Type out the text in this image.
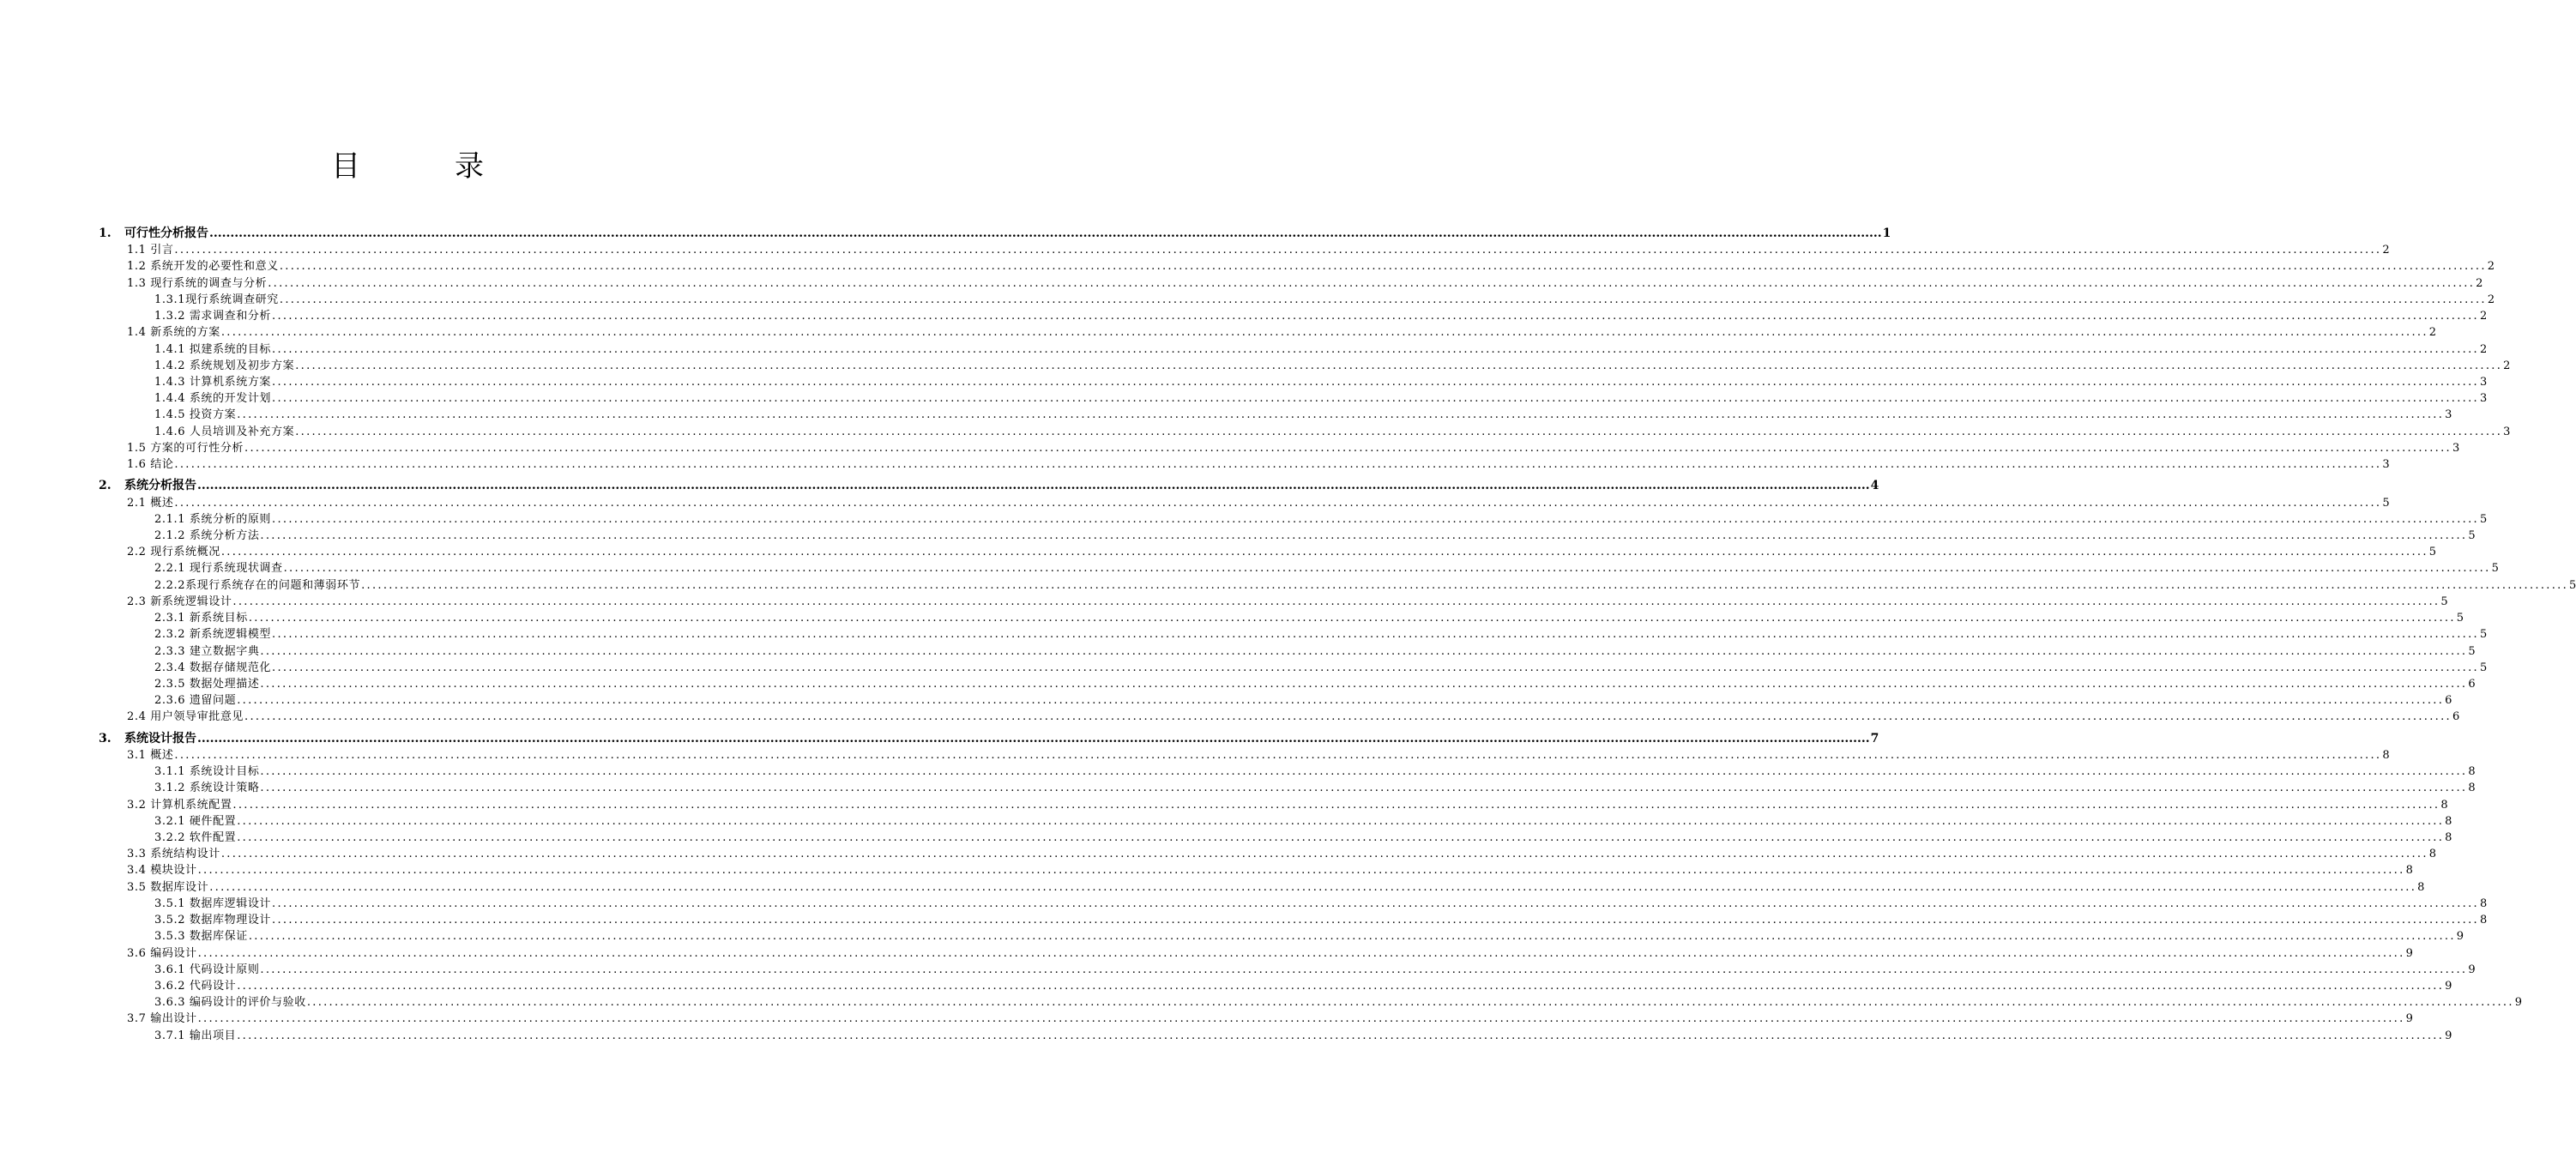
目　录
1. 可行性分析报告 ................................................................................................................................................................................................................................................................................................................................................................................................................ 1
1.1 引言 ................................................................................................................................................................................................................................................................................................................................................................................................................ 2
1.2 系统开发的必要性和意义 ................................................................................................................................................................................................................................................................................................................................................................................................................ 2
1.3 现行系统的调查与分析 ................................................................................................................................................................................................................................................................................................................................................................................................................ 2
1.3.1现行系统调查研究 ................................................................................................................................................................................................................................................................................................................................................................................................................ 2
1.3.2 需求调查和分析 ................................................................................................................................................................................................................................................................................................................................................................................................................ 2
1.4 新系统的方案 ................................................................................................................................................................................................................................................................................................................................................................................................................ 2
1.4.1 拟建系统的目标 ................................................................................................................................................................................................................................................................................................................................................................................................................ 2
1.4.2 系统规划及初步方案 ................................................................................................................................................................................................................................................................................................................................................................................................................ 2
1.4.3 计算机系统方案 ................................................................................................................................................................................................................................................................................................................................................................................................................ 3
1.4.4 系统的开发计划 ................................................................................................................................................................................................................................................................................................................................................................................................................ 3
1.4.5 投资方案 ................................................................................................................................................................................................................................................................................................................................................................................................................ 3
1.4.6 人员培训及补充方案 ................................................................................................................................................................................................................................................................................................................................................................................................................ 3
1.5 方案的可行性分析 ................................................................................................................................................................................................................................................................................................................................................................................................................ 3
1.6 结论 ................................................................................................................................................................................................................................................................................................................................................................................................................ 3
2. 系统分析报告 ................................................................................................................................................................................................................................................................................................................................................................................................................ 4
2.1 概述 ................................................................................................................................................................................................................................................................................................................................................................................................................ 5
2.1.1 系统分析的原则 ................................................................................................................................................................................................................................................................................................................................................................................................................ 5
2.1.2 系统分析方法 ................................................................................................................................................................................................................................................................................................................................................................................................................ 5
2.2 现行系统概况 ................................................................................................................................................................................................................................................................................................................................................................................................................ 5
2.2.1 现行系统现状调查 ................................................................................................................................................................................................................................................................................................................................................................................................................ 5
2.2.2系现行系统存在的问题和薄弱环节 ................................................................................................................................................................................................................................................................................................................................................................................................................ 5
2.3 新系统逻辑设计 ................................................................................................................................................................................................................................................................................................................................................................................................................ 5
2.3.1 新系统目标 ................................................................................................................................................................................................................................................................................................................................................................................................................ 5
2.3.2 新系统逻辑模型 ................................................................................................................................................................................................................................................................................................................................................................................................................ 5
2.3.3 建立数据字典 ................................................................................................................................................................................................................................................................................................................................................................................................................ 5
2.3.4 数据存储规范化 ................................................................................................................................................................................................................................................................................................................................................................................................................ 5
2.3.5 数据处理描述 ................................................................................................................................................................................................................................................................................................................................................................................................................ 6
2.3.6 遗留问题 ................................................................................................................................................................................................................................................................................................................................................................................................................ 6
2.4 用户领导审批意见 ................................................................................................................................................................................................................................................................................................................................................................................................................ 6
3. 系统设计报告 ................................................................................................................................................................................................................................................................................................................................................................................................................ 7
3.1 概述 ................................................................................................................................................................................................................................................................................................................................................................................................................ 8
3.1.1 系统设计目标 ................................................................................................................................................................................................................................................................................................................................................................................................................ 8
3.1.2 系统设计策略 ................................................................................................................................................................................................................................................................................................................................................................................................................ 8
3.2 计算机系统配置 ................................................................................................................................................................................................................................................................................................................................................................................................................ 8
3.2.1 硬件配置 ................................................................................................................................................................................................................................................................................................................................................................................................................ 8
3.2.2 软件配置 ................................................................................................................................................................................................................................................................................................................................................................................................................ 8
3.3 系统结构设计 ................................................................................................................................................................................................................................................................................................................................................................................................................ 8
3.4 模块设计 ................................................................................................................................................................................................................................................................................................................................................................................................................ 8
3.5 数据库设计 ................................................................................................................................................................................................................................................................................................................................................................................................................ 8
3.5.1 数据库逻辑设计 ................................................................................................................................................................................................................................................................................................................................................................................................................ 8
3.5.2 数据库物理设计 ................................................................................................................................................................................................................................................................................................................................................................................................................ 8
3.5.3 数据库保证 ................................................................................................................................................................................................................................................................................................................................................................................................................ 9
3.6 编码设计 ................................................................................................................................................................................................................................................................................................................................................................................................................ 9
3.6.1 代码设计原则 ................................................................................................................................................................................................................................................................................................................................................................................................................ 9
3.6.2 代码设计 ................................................................................................................................................................................................................................................................................................................................................................................................................ 9
3.6.3 编码设计的评价与验收 ................................................................................................................................................................................................................................................................................................................................................................................................................ 9
3.7 输出设计 ................................................................................................................................................................................................................................................................................................................................................................................................................ 9
3.7.1 输出项目 ................................................................................................................................................................................................................................................................................................................................................................................................................ 9
